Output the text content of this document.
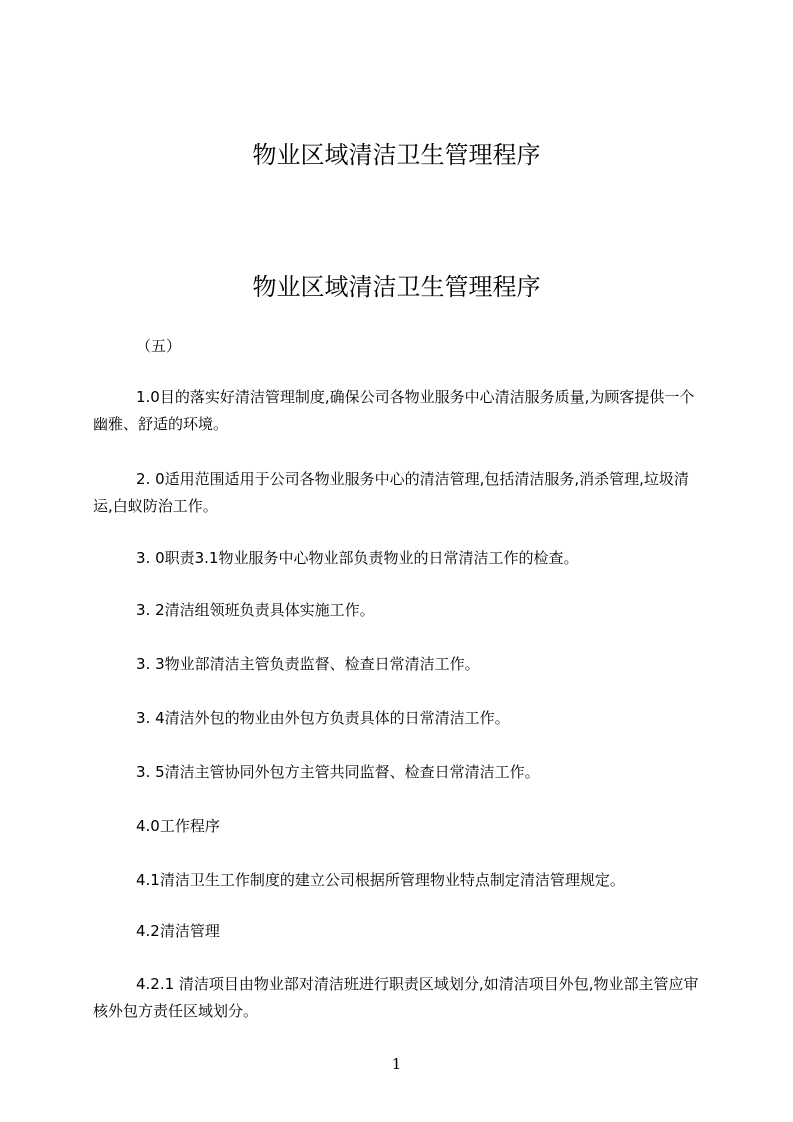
物业区域清洁卫生管理程序
物业区域清洁卫生管理程序

（五）

1.0目的落实好清洁管理制度,确保公司各物业服务中心清洁服务质量,为顾客提供一个幽雅、舒适的环境。

2. 0适用范围适用于公司各物业服务中心的清洁管理,包括清洁服务,消杀管理,垃圾清运,白蚁防治工作。

3. 0职责3.1物业服务中心物业部负责物业的日常清洁工作的检查。

3. 2清洁组领班负责具体实施工作。

3. 3物业部清洁主管负责监督、检查日常清洁工作。

3. 4清洁外包的物业由外包方负责具体的日常清洁工作。

3. 5清洁主管协同外包方主管共同监督、检查日常清洁工作。

4.0工作程序

4.1清洁卫生工作制度的建立公司根据所管理物业特点制定清洁管理规定。

4.2清洁管理

4.2.1 清洁项目由物业部对清洁班进行职责区域划分,如清洁项目外包,物业部主管应审核外包方责任区域划分。

1
